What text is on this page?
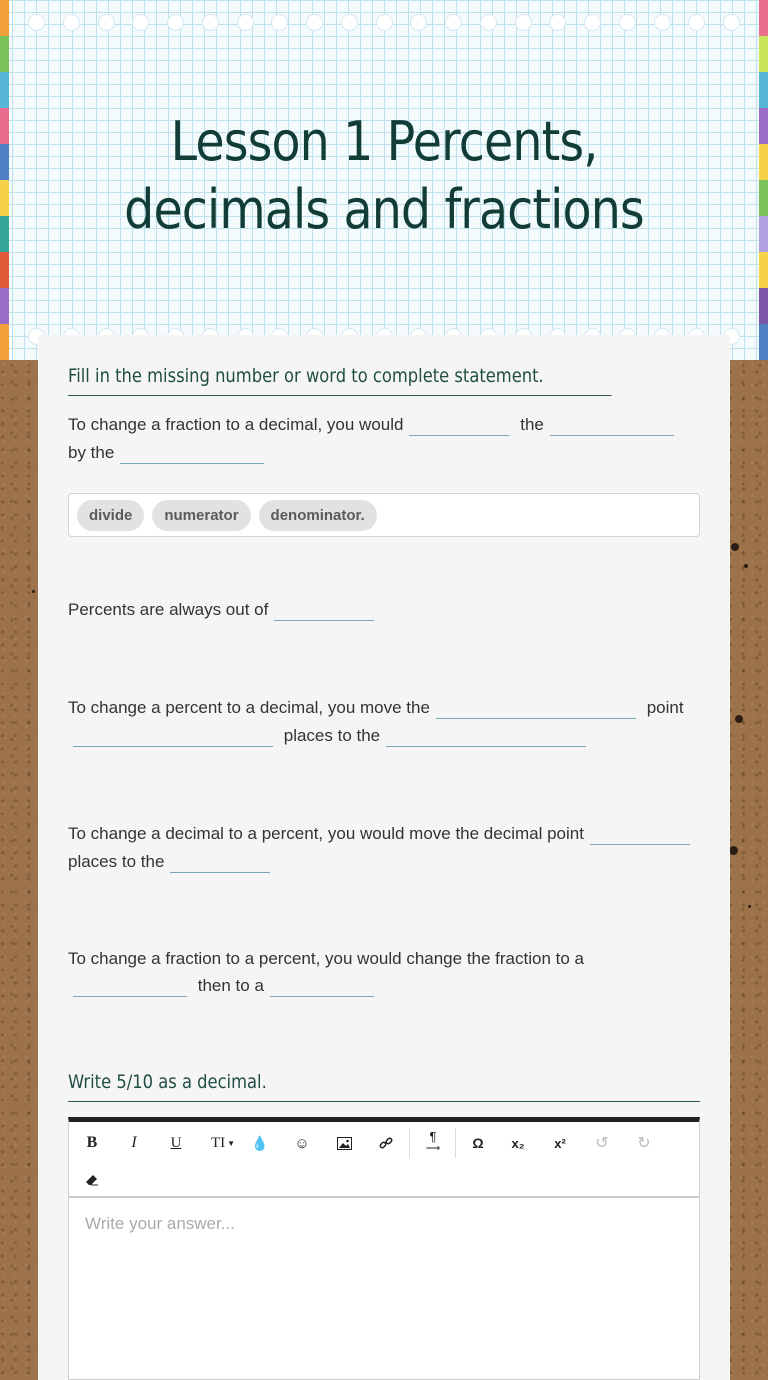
Lesson 1 Percents, decimals and fractions
Fill in the missing number or word to complete statement.
To change a fraction to a decimal, you would	the
by the
divide	numerator	denominator.
Percents are always out of
To change a percent to a decimal, you move the	point
places to the
To change a decimal to a percent, you would move the decimal point
places to the
To change a fraction to a percent, you would change the fraction to a
then to a
Write 5/10 as a decimal.
B	I	U	TI ▼	💧	☺	¶
⟶	Ω	x₂	x²	↺	↻
Write your answer...
